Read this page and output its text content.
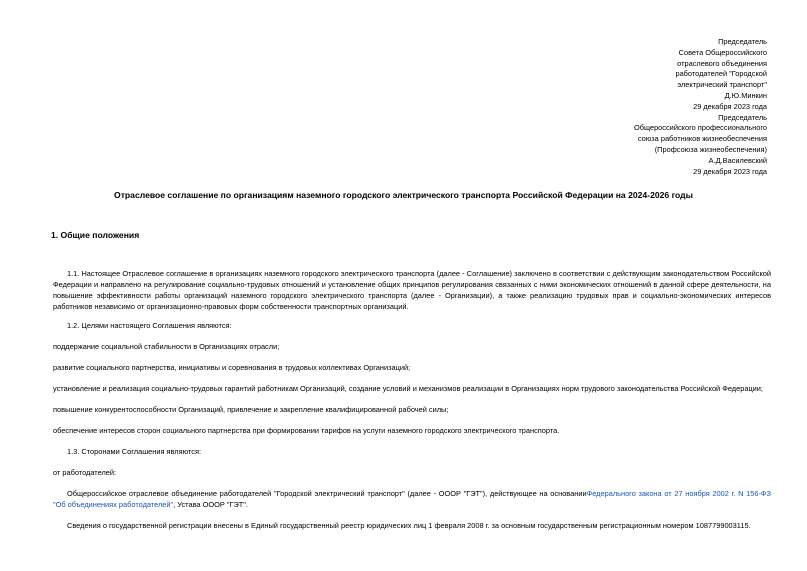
Председатель
Совета Общероссийского
отраслевого объединения
работодателей "Городской
электрический транспорт"
Д.Ю.Минкин
29 декабря 2023 года
Председатель
Общероссийского профессионального
союза работников жизнеобеспечения
(Профсоюза жизнеобеспечения)
А.Д.Василевский
29 декабря 2023 года
Отраслевое соглашение по организациям наземного городского электрического транспорта Российской Федерации на 2024-2026 годы
1. Общие положения
1.1. Настоящее Отраслевое соглашение в организациях наземного городского электрического транспорта (далее - Соглашение) заключено в соответствии с действующим законодательством Российской Федерации и направлено на регулирование социально-трудовых отношений и установление общих принципов регулирования связанных с ними экономических отношений в данной сфере деятельности, на повышение эффективности работы организаций наземного городского электрического транспорта (далее - Организации), а также реализацию трудовых прав и социально-экономических интересов работников независимо от организационно-правовых форм собственности транспортных организаций.
1.2. Целями настоящего Соглашения являются:
поддержание социальной стабильности в Организациях отрасли;
развитие социального партнерства, инициативы и соревнования в трудовых коллективах Организаций;
установление и реализация социально-трудовых гарантий работникам Организаций, создание условий и механизмов реализации в Организациях норм трудового законодательства Российской Федерации;
повышение конкурентоспособности Организаций, привлечение и закрепление квалифицированной рабочей силы;
обеспечение интересов сторон социального партнерства при формировании тарифов на услуги наземного городского электрического транспорта.
1.3. Сторонами Соглашения являются:
от работодателей:
Общероссийское отраслевое объединение работодателей "Городской электрический транспорт" (далее - ОООР "ГЭТ"), действующее на основанииФедерального закона от 27 ноября 2002 г. N 156-ФЗ "Об объединениях работодателей", Устава ОООР "ГЭТ".
Сведения о государственной регистрации внесены в Единый государственный реестр юридических лиц 1 февраля 2008 г. за основным государственным регистрационным номером 1087799003115.
